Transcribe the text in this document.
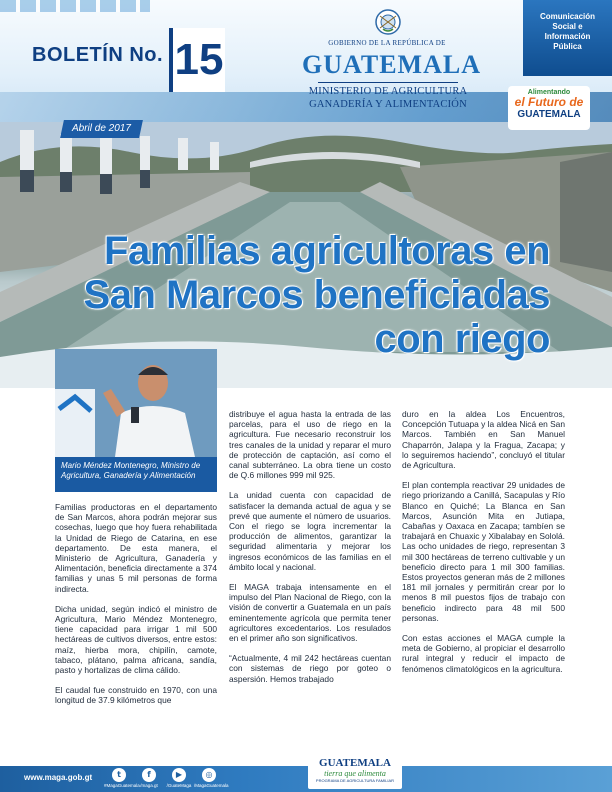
BOLETÍN No. 15	GOBIERNO DE LA REPÚBLICA DE
GUATEMALA
MINISTERIO DE AGRICULTURA
GANADERÍA Y ALIMENTACIÓN
Comunicación
Social e
Información
Pública
Alimentando
el Futuro de
GUATEMALA
Abril de 2017
Familias agricultoras en
San Marcos beneficiadas
con riego
Mario Méndez Montenegro, Ministro de
Agricultura, Ganadería y Alimentación

Familias productoras en el departamento de San Marcos, ahora podrán mejorar sus cosechas, luego que hoy fuera rehabilitada la Unidad de Riego de Catarina, en ese departamento. De esta manera, el Ministerio de Agricultura, Ganadería y Alimentación, beneficia directamente a 374 familias y unas 5 mil personas de forma indirecta.

Dicha unidad, según indicó el ministro de Agricultura, Mario Méndez Montenegro, tiene capacidad para irrigar 1 mil 500 hectáreas de cultivos diversos, entre estos: maíz, hierba mora, chipilín, camote, tabaco, plátano, palma africana, sandía, pasto y hortalizas de clima cálido.

El caudal fue construido en 1970, con una longitud de 37.9 kilómetros que

distribuye el agua hasta la entrada de las parcelas, para el uso de riego en la agricultura. Fue necesario reconstruir los tres canales de la unidad y reparar el muro de protección de captación, así como el canal subterráneo. La obra tiene un costo de Q.6 millones 999 mil 925.

La unidad cuenta con capacidad de satisfacer la demanda actual de agua y se prevé que aumente el número de usuarios. Con el riego se logra incrementar la producción de alimentos, garantizar la seguridad alimentaria y mejorar los ingresos económicos de las familias en el ámbito local y nacional.

El MAGA trabaja intensamente en el impulso del Plan Nacional de Riego, con la visión de convertir a Guatemala en un país eminentemente agrícola que permita tener agricultores excedentarios. Los resulados en el primer año son significativos.

“Actualmente, 4 mil 242 hectáreas cuentan con sistemas de riego por goteo o aspersión. Hemos trabajado

duro en la aldea Los Encuentros, Concepción Tutuapa y la aldea Nicá en San Marcos. También en San Manuel Chaparrón, Jalapa y la Fragua, Zacapa; y lo seguiremos haciendo”, concluyó el titular de Agricultura.

El plan contempla reactivar 29 unidades de riego priorizando a Canillá, Sacapulas y Río Blanco en Quiché; La Blanca en San Marcos, Asunción Mita en Jutiapa, Cabañas y Oaxaca en Zacapa; tambíen se trabajará en Chuaxic y Xibalabay en Sololá. Las ocho unidades de riego, representan 3 mil 300 hectáreas de terreno cultivable y un beneficio directo para 1 mil 300 familias. Estos proyectos generan más de 2 millones 181 mil jornales y permitirán crear por lo menos 8 mil puestos fijos de trabajo con beneficio indirecto para 48 mil 500 personas.

Con estas acciones el MAGA cumple la meta de Gobierno, al propiciar el desarrollo rural integral y reducir el impacto de fenómenos climatológicos en la agricultura.

www.maga.gob.gt	t
#MagaGuatemala
f
/maga.gt
▶
/GuateMaga
◎
/MagaGuatemala
GUATEMALA
tierra que alimenta
PROGRAMA DE AGRICULTURA FAMILIAR
